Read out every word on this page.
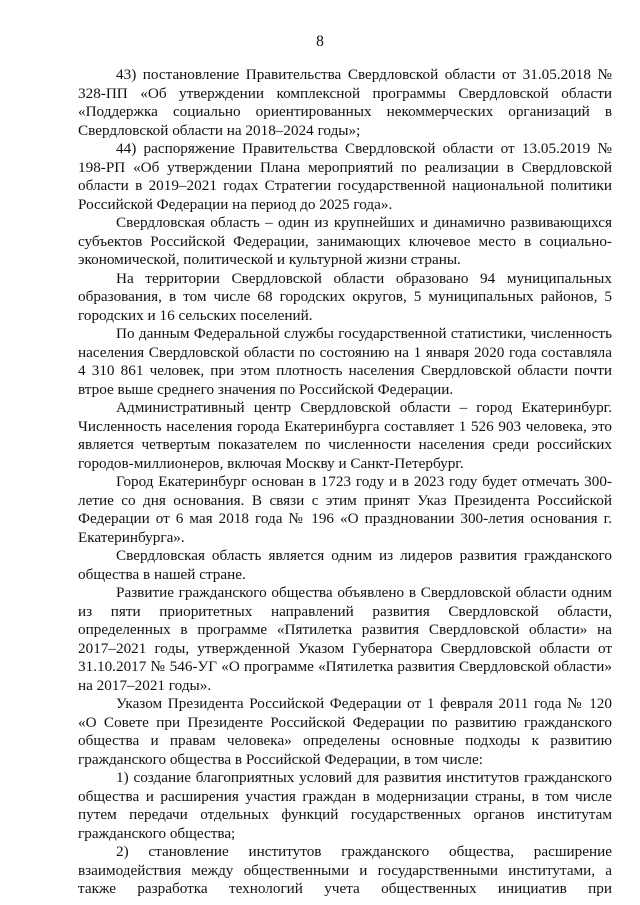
8

43) постановление Правительства Свердловской области от 31.05.2018 № 328-ПП «Об утверждении комплексной программы Свердловской области «Поддержка социально ориентированных некоммерческих организаций в Свердловской области на 2018–2024 годы»;

44) распоряжение Правительства Свердловской области от 13.05.2019 № 198-РП «Об утверждении Плана мероприятий по реализации в Свердловской области в 2019–2021 годах Стратегии государственной национальной политики Российской Федерации на период до 2025 года».

Свердловская область – один из крупнейших и динамично развивающихся субъектов Российской Федерации, занимающих ключевое место в социально-экономической, политической и культурной жизни страны.

На территории Свердловской области образовано 94 муниципальных образования, в том числе 68 городских округов, 5 муниципальных районов, 5 городских и 16 сельских поселений.

По данным Федеральной службы государственной статистики, численность населения Свердловской области по состоянию на 1 января 2020 года составляла 4 310 861 человек, при этом плотность населения Свердловской области почти втрое выше среднего значения по Российской Федерации.

Административный центр Свердловской области – город Екатеринбург. Численность населения города Екатеринбурга составляет 1 526 903 человека, это является четвертым показателем по численности населения среди российских городов-миллионеров, включая Москву и Санкт-Петербург.

Город Екатеринбург основан в 1723 году и в 2023 году будет отмечать 300-летие со дня основания. В связи с этим принят Указ Президента Российской Федерации от 6 мая 2018 года № 196 «О праздновании 300-летия основания г. Екатеринбурга».

Свердловская область является одним из лидеров развития гражданского общества в нашей стране.

Развитие гражданского общества объявлено в Свердловской области одним из пяти приоритетных направлений развития Свердловской области, определенных в программе «Пятилетка развития Свердловской области» на 2017–2021 годы, утвержденной Указом Губернатора Свердловской области от 31.10.2017 № 546-УГ «О программе «Пятилетка развития Свердловской области» на 2017–2021 годы».

Указом Президента Российской Федерации от 1 февраля 2011 года № 120 «О Совете при Президенте Российской Федерации по развитию гражданского общества и правам человека» определены основные подходы к развитию гражданского общества в Российской Федерации, в том числе:

1) создание благоприятных условий для развития институтов гражданского общества и расширения участия граждан в модернизации страны, в том числе путем передачи отдельных функций государственных органов институтам гражданского общества;

2) становление институтов гражданского общества, расширение взаимодействия между общественными и государственными институтами, а также разработка технологий учета общественных инициатив при
